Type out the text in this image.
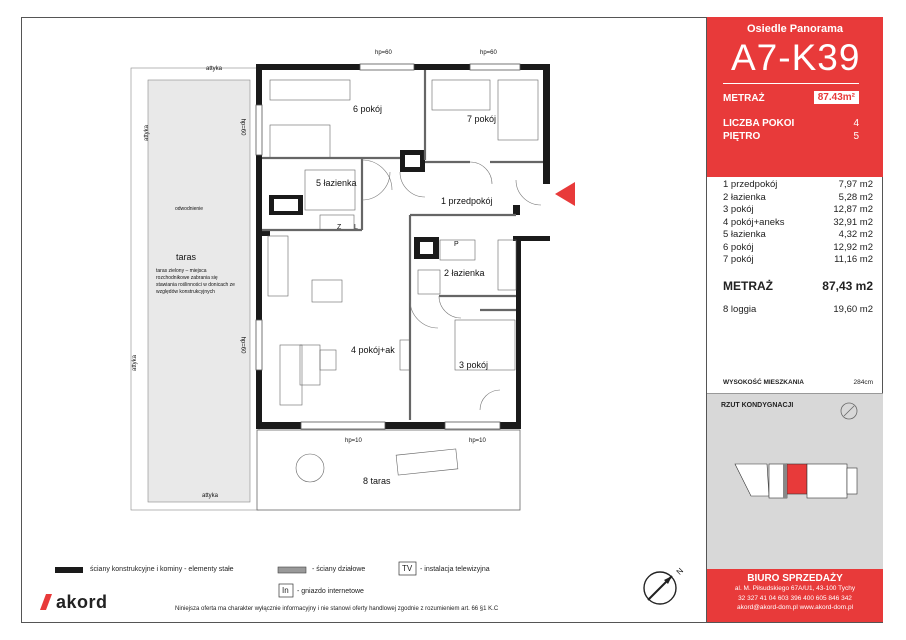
6 pokój
7 pokój
5 łazienka
1 przedpokój
2 łazienka
4 pokój+ak
3 pokój
8 taras
taras
taras zielony – miejsca rozchodnikowe zabrania się stawiania roślinności w donicach ze względów konstrukcyjnych
odwodnienie
hp=60	hp=60
hp=60
hp=60
hp=10	hp=10
attyka
attyka
attyka
attyka
Z L
P
N
ściany konstrukcyjne i kominy - elementy stałe	- ściany działowe	TV - instalacja telewizyjna
In - gniazdo internetowe
akord	Niniejsza oferta ma charakter wyłącznie informacyjny i nie stanowi oferty handlowej zgodnie z rozumieniem art. 66 §1 K.C
Osiedle Panorama
A7-K39
METRAŻ	87.43m²
LICZBA POKOI	4
PIĘTRO	5
1 przedpokój	7,97 m2
2 łazienka	5,28 m2
3 pokój	12,87 m2
4 pokój+aneks	32,91 m2
5 łazienka	4,32 m2
6 pokój	12,92 m2
7 pokój	11,16 m2
METRAŻ	87,43 m2
8 loggia	19,60 m2
WYSOKOŚĆ MIESZKANIA	284cm
RZUT KONDYGNACJI
BIURO SPRZEDAŻY
al. M. Piłsudskiego 67A/U1, 43-100 Tychy
32 327 41 04 603 396 400 605 846 342
akord@akord-dom.pl www.akord-dom.pl
